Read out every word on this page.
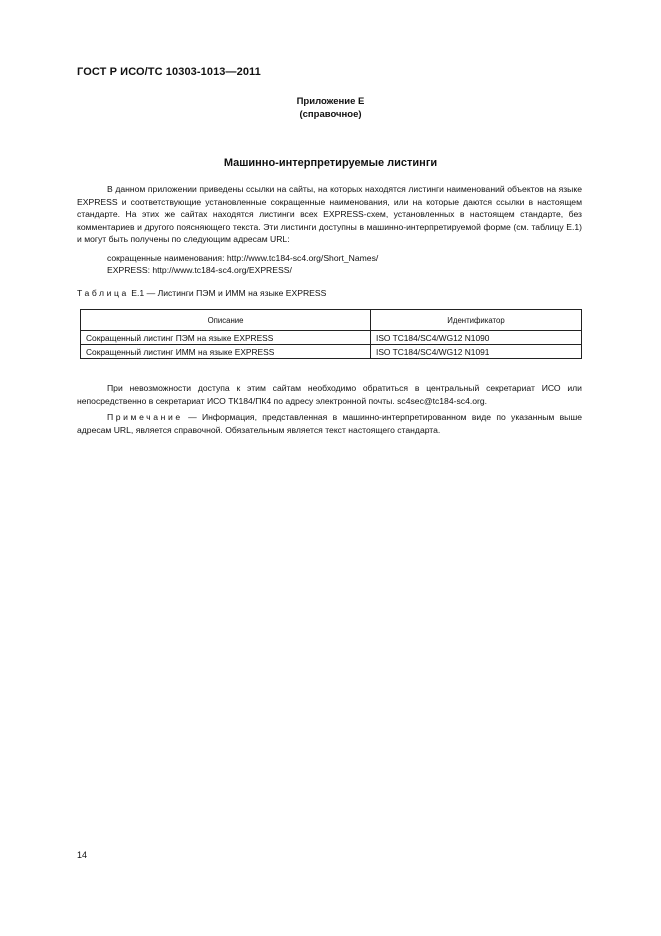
ГОСТ Р ИСО/ТС 10303-1013—2011
Приложение Е
(справочное)
Машинно-интерпретируемые листинги
В данном приложении приведены ссылки на сайты, на которых находятся листинги наименований объектов на языке EXPRESS и соответствующие установленные сокращенные наименования, или на которые даются ссылки в настоящем стандарте. На этих же сайтах находятся листинги всех EXPRESS-схем, установленных в настоящем стандарте, без комментариев и другого поясняющего текста. Эти листинги доступны в машинно-интерпретируемой форме (см. таблицу Е.1) и могут быть получены по следующим адресам URL:
сокращенные наименования: http://www.tc184-sc4.org/Short_Names/
EXPRESS: http://www.tc184-sc4.org/EXPRESS/
Таблица Е.1 — Листинги ПЭМ и ИММ на языке EXPRESS
Описание	Идентификатор
Сокращенный листинг ПЭМ на языке EXPRESS	ISO TC184/SC4/WG12 N1090
Сокращенный листинг ИММ на языке EXPRESS	ISO TC184/SC4/WG12 N1091
При невозможности доступа к этим сайтам необходимо обратиться в центральный секретариат ИСО или непосредственно в секретариат ИСО ТК184/ПК4 по адресу электронной почты. sc4sec@tc184-sc4.org.
Примечание — Информация, представленная в машинно-интерпретированном виде по указанным выше адресам URL, является справочной. Обязательным является текст настоящего стандарта.
14
